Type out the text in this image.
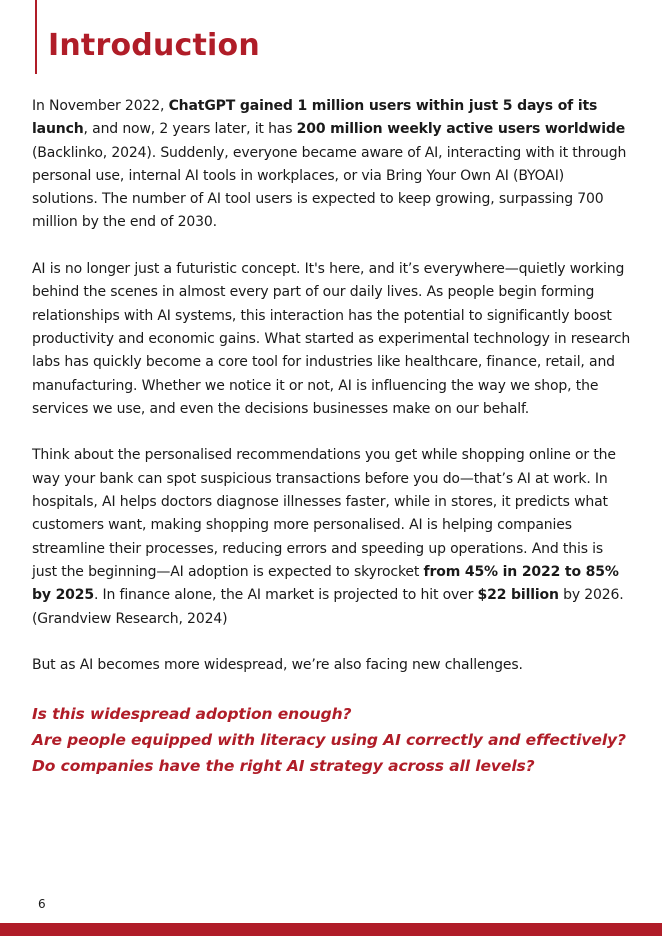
Introduction

In November 2022, ChatGPT gained 1 million users within just 5 days of its launch, and now, 2 years later, it has 200 million weekly active users worldwide (Backlinko, 2024). Suddenly, everyone became aware of AI, interacting with it through personal use, internal AI tools in workplaces, or via Bring Your Own AI (BYOAI) solutions. The number of AI tool users is expected to keep growing, surpassing 700 million by the end of 2030.

AI is no longer just a futuristic concept. It's here, and it’s everywhere—quietly working behind the scenes in almost every part of our daily lives. As people begin forming relationships with AI systems, this interaction has the potential to significantly boost productivity and economic gains. What started as experimental technology in research labs has quickly become a core tool for industries like healthcare, finance, retail, and manufacturing. Whether we notice it or not, AI is influencing the way we shop, the services we use, and even the decisions businesses make on our behalf.

Think about the personalised recommendations you get while shopping online or the way your bank can spot suspicious transactions before you do—that’s AI at work. In hospitals, AI helps doctors diagnose illnesses faster, while in stores, it predicts what customers want, making shopping more personalised. AI is helping companies streamline their processes, reducing errors and speeding up operations. And this is just the beginning—AI adoption is expected to skyrocket from 45% in 2022 to 85% by 2025. In finance alone, the AI market is projected to hit over $22 billion by 2026. (Grandview Research, 2024)

But as AI becomes more widespread, we’re also facing new challenges.

Is this widespread adoption enough?
Are people equipped with literacy using AI correctly and effectively?
Do companies have the right AI strategy across all levels?
6
